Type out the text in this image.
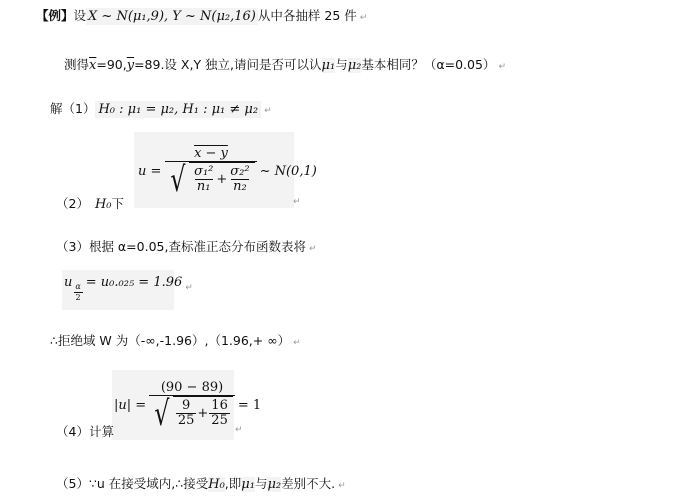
【例】设 X ~ N(μ₁,9), Y ~ N(μ₂,16) 从中各抽样 25 件 ↵
测得$\overline{x}=90,\overline{y}=89$.设 X,Y 独立,请问是否可以认μ₁与μ₂基本相同？（α=0.05） ↵
解（1） H₀ : μ₁ = μ₂, H₁ : μ₁ ≠ μ₂ ↵
$u = \frac{x - y}{√ \frac{\text{σ₁²}}{\text{n₁}} + \frac{\text{σ₂²}}{\text{n₂}}}$ ~ N(0,1)
（2） H₀下	↵
（3）根据 α=0.05,查标准正态分布函数表将 ↵
u
$\frac{\alpha}{2}$
= u₀.₀₂₅ = 1.96 ↵
∴拒绝域 W 为（-∞,-1.96）,（1.96,+ ∞） ↵
$|u| = \frac{(90 - 89)}{√ \frac{9}{25} + \frac{16}{25}} = 1$
（4）计算	↵
（5）∵u 在接受域内,∴接受H₀,即μ₁与μ₂差别不大. ↵
